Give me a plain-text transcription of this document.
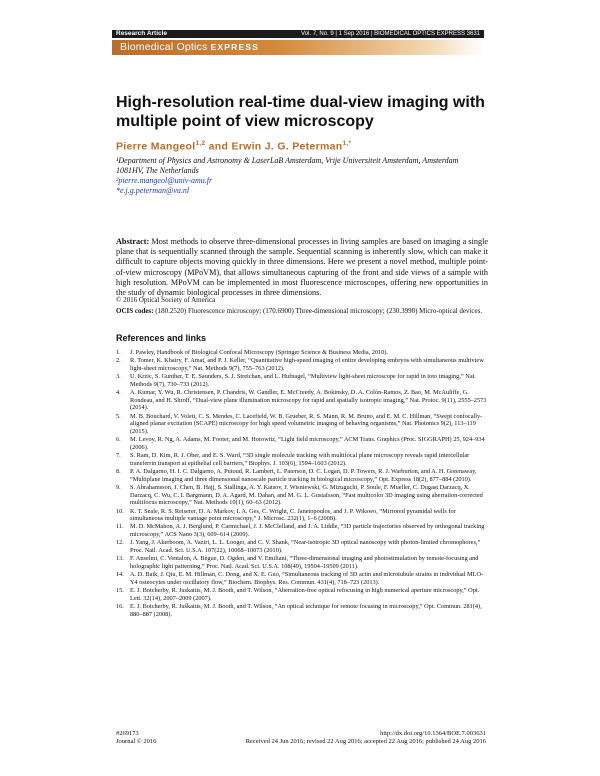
Research Article	Vol. 7, No. 9 | 1 Sep 2016 | BIOMEDICAL OPTICS EXPRESS 3631
Biomedical Optics EXPRESS
High-resolution real-time dual-view imaging with multiple point of view microscopy
Pierre Mangeol$^{1,2}$ and Erwin J. G. Peterman$^{1,*}$
¹Department of Physics and Astronomy & LaserLaB Amsterdam, Vrije Universiteit Amsterdam, Amsterdam 1081HV, The Netherlands
²pierre.mangeol@univ-amu.fr
*e.j.g.peterman@vu.nl
Abstract: Most methods to observe three-dimensional processes in living samples are based on imaging a single plane that is sequentially scanned through the sample. Sequential scanning is inherently slow, which can make it difficult to capture objects moving quickly in three dimensions. Here we present a novel method, multiple point-of-view microscopy (MPoVM), that allows simultaneous capturing of the front and side views of a sample with high resolution. MPoVM can be implemented in most fluorescence microscopes, offering new opportunities in the study of dynamic biological processes in three dimensions.
© 2016 Optical Society of America
OCIS codes: (180.2520) Fluorescence microscopy; (170.6900) Three-dimensional microscopy; (230.3990) Micro-optical devices.
References and links
1.	J. Pawley, Handbook of Biological Confocal Microscopy (Springer Science & Business Media, 2010).
2.	R. Tomer, K. Khairy, F. Amat, and P. J. Keller, “Quantitative high-speed imaging of entire developing embryos with simultaneous multiview light-sheet microscopy,” Nat. Methods 9(7), 755–763 (2012).
3.	U. Krzic, S. Gunther, T. E. Saunders, S. J. Streichan, and L. Hufnagel, “Multiview light-sheet microscope for rapid in toto imaging,” Nat. Methods 9(7), 730–733 (2012).
4.	A. Kumar, Y. Wu, R. Christensen, P. Chandris, W. Gandler, E. McCreedy, A. Bokinsky, D. A. Colón-Ramos, Z. Bao, M. McAuliffe, G. Rondeau, and H. Shroff, “Dual-view plane illumination microscopy for rapid and spatially isotropic imaging,” Nat. Protoc. 9(11), 2555–2573 (2014).
5.	M. B. Bouchard, V. Voleti, C. S. Mendes, C. Lacefield, W. B. Grueber, R. S. Mann, R. M. Bruno, and E. M. C. Hillman, “Swept confocally-aligned planar excitation (SCAPE) microscopy for high speed volumetric imaging of behaving organisms,” Nat. Photonics 9(2), 113–119 (2015).
6.	M. Levoy, R. Ng, A. Adams, M. Footer, and M. Horowitz, “Light field microscopy,” ACM Trans. Graphics (Proc. SIGGRAPH) 25, 924–934 (2006).
7.	S. Ram, D. Kim, R. J. Ober, and E. S. Ward, “3D single molecule tracking with multifocal plane microscopy reveals rapid intercellular transferrin transport at epithelial cell barriers,” Biophys. J. 103(6), 1594–1603 (2012).
8.	P. A. Dalgarno, H. I. C. Dalgarno, A. Putoud, R. Lambert, L. Paterson, D. C. Logan, D. P. Towers, R. J. Warburton, and A. H. Greenaway, “Multiplane imaging and three dimensional nanoscale particle tracking in biological microscopy,” Opt. Express 18(2), 877–884 (2010).
9.	S. Abrahamsson, J. Chen, B. Hajj, S. Stallinga, A. Y. Katsov, J. Wisniewski, G. Mizuguchi, P. Soule, F. Mueller, C. Dugast Darzacq, X. Darzacq, C. Wu, C. I. Bargmann, D. A. Agard, M. Dahan, and M. G. L. Gustafsson, “Fast multicolor 3D imaging using aberration-corrected multifocus microscopy,” Nat. Methods 10(1), 60–63 (2012).
10. K. T. Seale, R. S. Reiserer, D. A. Markov, I. A. Ges, C. Wright, C. Janetopoulos, and J. P. Wikswo, “Mirrored pyramidal wells for simultaneous multiple vantage point microscopy,” J. Microsc. 232(1), 1–6 (2008).
11.	M. D. McMahon, A. J. Berglund, P. Carmichael, J. J. McClelland, and J. A. Liddle, “3D particle trajectories observed by orthogonal tracking microscopy,” ACS Nano 3(3), 609–614 (2009).
12. J. Yang, J. Akerboom, A. Vaziri, L. L. Looger, and C. V. Shank, “Near-isotropic 3D optical nanoscopy with photon-limited chromophores,” Proc. Natl. Acad. Sci. U.S.A. 107(22), 10068–10073 (2010).
13. F. Anselmi, C. Ventalon, A. Bègue, D. Ogden, and V. Emiliani, “Three-dimensional imaging and photostimulation by remote-focusing and holographic light patterning,” Proc. Natl. Acad. Sci. U.S.A. 108(49), 19504–19509 (2011).
14. A. D. Baik, J. Qiu, E. M. Hillman, C. Dong, and X. E. Guo, “Simultaneous tracking of 3D actin and microtubule strains in individual MLO-Y4 osteocytes under oscillatory flow,” Biochem. Biophys. Res. Commun. 431(4), 718–723 (2013).
15. E. J. Botcherby, R. Juskaitis, M. J. Booth, and T. Wilson, “Aberration-free optical refocusing in high numerical aperture microscopy,” Opt. Lett. 32(14), 2007–2009 (2007).
16. E. J. Botcherby, R. Juškaitis, M. J. Booth, and T. Wilson, “An optical technique for remote focusing in microscopy,” Opt. Commun. 281(4), 880–887 (2008).
#269173
Journal © 2016
http://dx.doi.org/10.1364/BOE.7.003631
Received 24 Jun 2016; revised 22 Aug 2016; accepted 22 Aug 2016; published 24 Aug 2016
